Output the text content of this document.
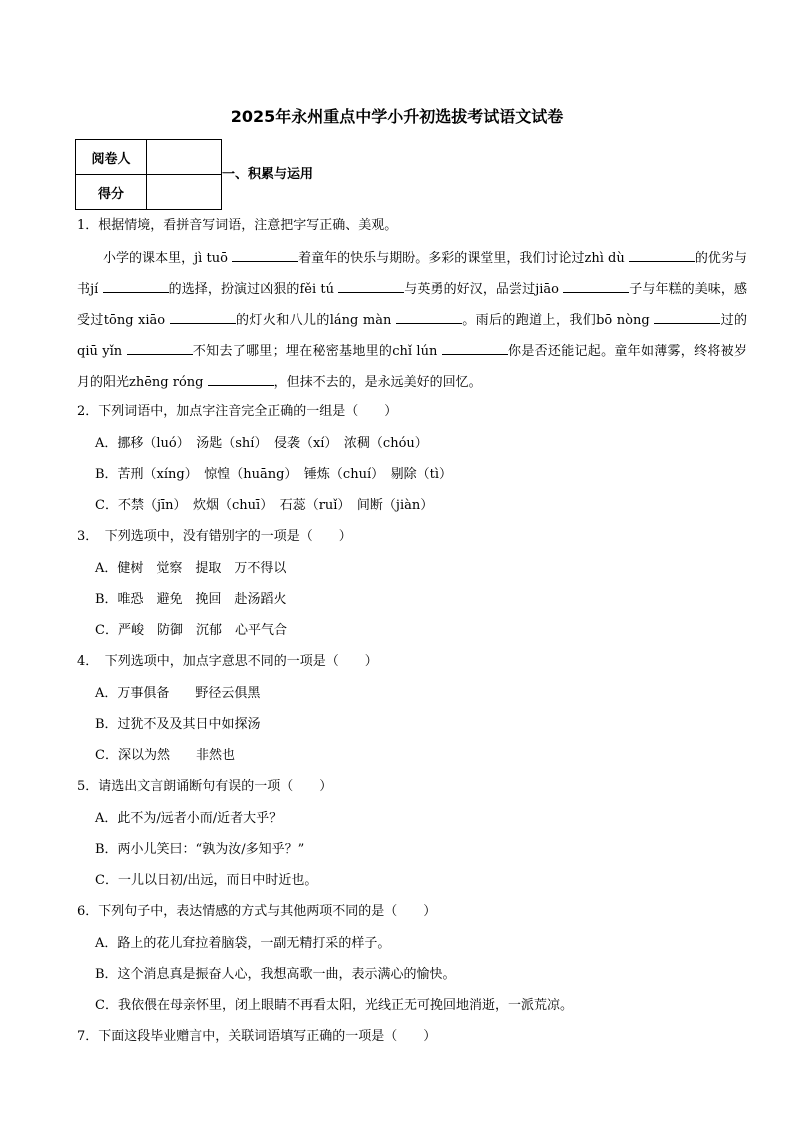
2025年永州重点中学小升初选拔考试语文试卷
阅卷人	
得分	
一、积累与运用
1．根据情境，看拼音写词语，注意把字写正确、美观。

小学的课本里，jì tuō	着童年的快乐与期盼。多彩的课堂里，我们讨论过zhì dù	的优劣与书jí	的选择，扮演过凶狠的fěi tú	与英勇的好汉，品尝过jiāo	子与年糕的美味，感受过tōng xiāo	的灯火和八儿的láng màn	。雨后的跑道上，我们bō nòng	过的qiū yǐn	不知去了哪里；埋在秘密基地里的chǐ lún	你是否还能记起。童年如薄雾，终将被岁月的阳光zhēng róng	，但抹不去的，是永远美好的回忆。

2．下列词语中，加点字注音完全正确的一组是（　　）
A．挪移（luó）　汤匙（shí）　侵袭（xí）　浓稠（chóu）
B．苦刑（xíng）　惊惶（huāng）　锤炼（chuí）　剔除（tì）
C．不禁（jīn）　炊烟（chuī）　石蕊（ruǐ）　间断（jiàn）
3．　下列选项中，没有错别字的一项是（　　）
A．健树　觉察　提取　万不得以
B．唯恐　避免　挽回　赴汤蹈火
C．严峻　防御　沉郁　心平气合
4．　下列选项中，加点字意思不同的一项是（　　）
A．万事俱备　　野径云俱黑
B．过犹不及及其日中如探汤
C．深以为然　　非然也
5．请选出文言朗诵断句有误的一项（　　）
A．此不为/远者小而/近者大乎？
B．两小儿笑曰：“孰为汝/多知乎？”
C．一儿以日初/出远，而日中时近也。
6．下列句子中，表达情感的方式与其他两项不同的是（　　）
A．路上的花儿耷拉着脑袋，一副无精打采的样子。
B．这个消息真是振奋人心，我想高歌一曲，表示满心的愉快。
C．我依偎在母亲怀里，闭上眼睛不再看太阳，光线正无可挽回地消逝，一派荒凉。
7．下面这段毕业赠言中，关联词语填写正确的一项是（　　）
